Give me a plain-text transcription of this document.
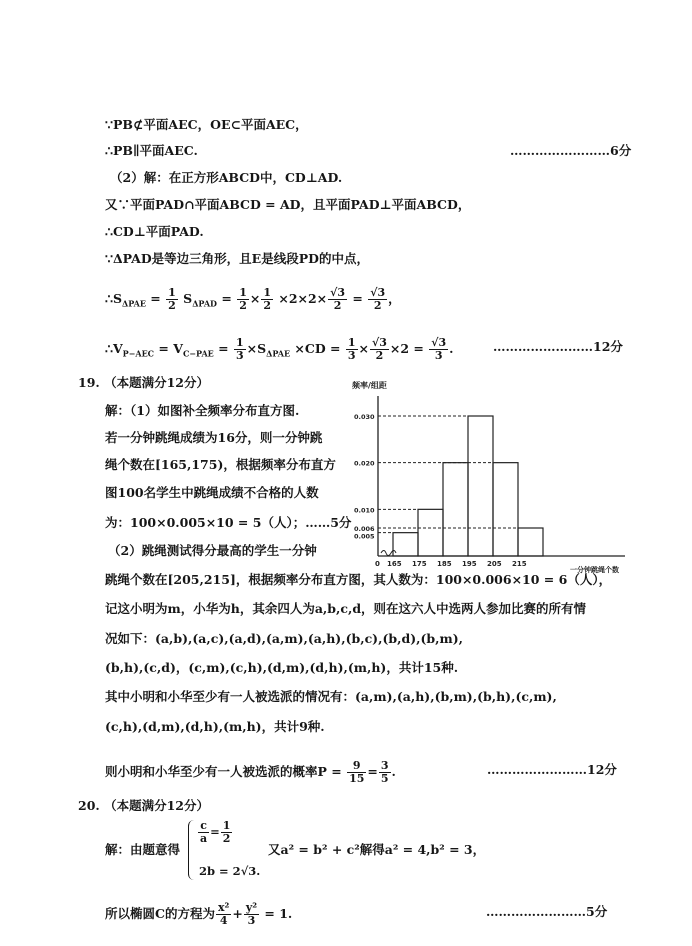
∵PB⊄平面AEC，OE⊂平面AEC，
∴PB∥平面AEC.	……………………6分
（2）解：在正方形ABCD中，CD⊥AD.
又∵平面PAD∩平面ABCD = AD，且平面PAD⊥平面ABCD，
∴CD⊥平面PAD.
∵ΔPAD是等边三角形，且E是线段PD的中点，
$\therefore S_{\Delta PAE} = \frac{1}{2} S_{\Delta PAD} = \frac{1}{2} \times \frac{1}{2} \times 2\times 2\times \frac{√3}{2} = \frac{√3}{2}$ ，
$\therefore V_{P-AEC} = V_{C-PAE} = \frac{1}{3} \times S_{\Delta PAE} \times CD = \frac{1}{3} \times \frac{√3}{2} \times 2 = \frac{√3}{3}$ .	……………………12分
19. （本题满分12分）
解：（1）如图补全频率分布直方图.
若一分钟跳绳成绩为16分，则一分钟跳
绳个数在[165,175)，根据频率分布直方
图100名学生中跳绳成绩不合格的人数
为：100×0.005×10 = 5（人）；……5分
（2）跳绳测试得分最高的学生一分钟
频率/组距
一分钟跳绳个数
0
0.005
0.006
0.010
0.020
0.030
165 175 185 195 205 215
跳绳个数在[205,215]，根据频率分布直方图，其人数为：100×0.006×10 = 6（人），
记这小明为m，小华为h，其余四人为a,b,c,d，则在这六人中选两人参加比赛的所有情
况如下：(a,b),(a,c),(a,d),(a,m),(a,h),(b,c),(b,d),(b,m),
(b,h),(c,d)，(c,m),(c,h),(d,m),(d,h),(m,h)，共计15种.
其中小明和小华至少有一人被选派的情况有：(a,m),(a,h),(b,m),(b,h),(c,m),
(c,h),(d,m),(d,h),(m,h)，共计9种.
则小明和小华至少有一人被选派的概率$P = \frac{9}{15} = \frac{3}{5}$ .	……………………12分
20. （本题满分12分）
解：由题意得
$\frac{c}{a} = \frac{1}{2}$
2b = 2√3.
又a² = b² + c²解得a² = 4,b² = 3，
所以椭圆C的方程为 $\frac{\text{x²}}{4} + \frac{\text{y²}}{3} = 1$.	……………………5分
